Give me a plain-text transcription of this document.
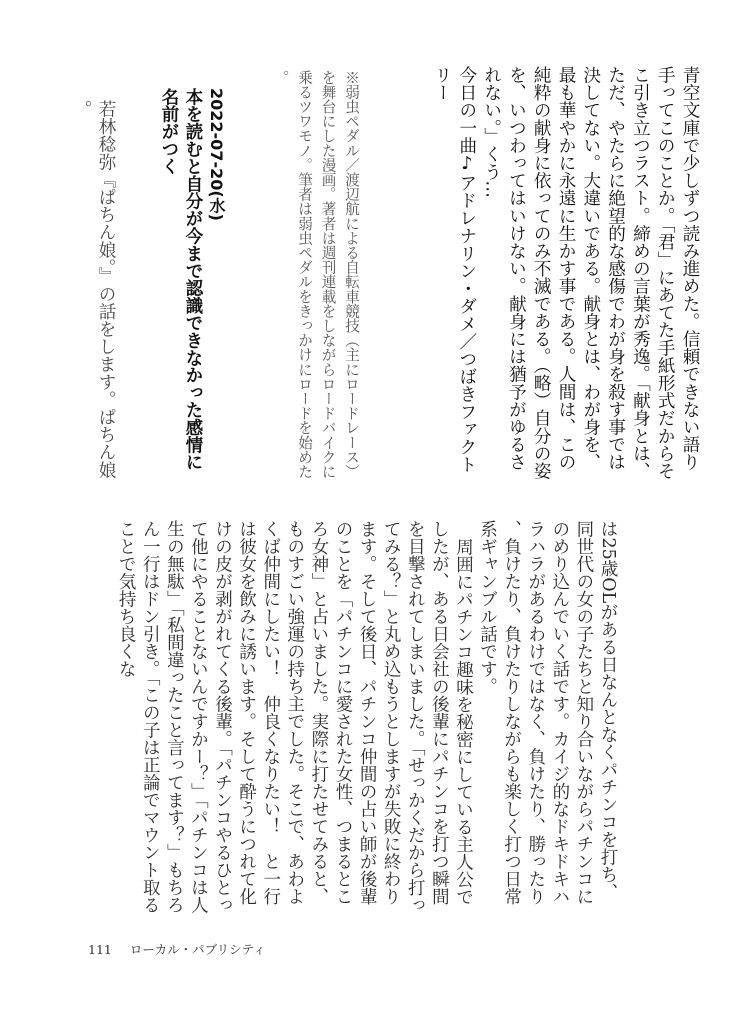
青空文庫で少しずつ読み進めた。信頼できない語り手ってこのことか。「君」にあてた手紙形式だからそこ引き立つラスト。締めの言葉が秀逸。「献身とは、ただ、やたらに絶望的な感傷でわが身を殺す事では決してない。大違いである。献身とは、わが身を、最も華やかに永遠に生かす事である。人間は、この純粋の献身に依ってのみ不滅である。（略）自分の姿を、いつわってはいけない。献身には猶予がゆるされない。」くう…

今日の一曲♪アドレナリン・ダメ／つばきファクトリー

※弱虫ペダル／渡辺航による自転車競技（主にロードレース）を舞台にした漫画。著者は週刊連載をしながらロードバイクに乗るツワモノ。筆者は弱虫ペダルをきっかけにロードを始めた。

2022-07-20(水)

本を読むと自分が今まで認識できなかった感情に名前がつく

若林稔弥『ぱちん娘。』の話をします。ぱちん娘。

は25歳OLがある日なんとなくパチンコを打ち、同世代の女の子たちと知り合いながらパチンコにのめり込んでいく話です。カイジ的なドキドキハラハラがあるわけではなく、負けたり、勝ったり、負けたり、負けたりしながらも楽しく打つ日常系ギャンブル話です。

周囲にパチンコ趣味を秘密にしている主人公でしたが、ある日会社の後輩にパチンコを打つ瞬間を目撃されてしまいました。「せっかくだから打ってみる？」と丸め込もうとしますが失敗に終わります。そして後日、パチンコ仲間の占い師が後輩のことを「パチンコに愛された女性、つまるところ女神」と占いました。実際に打たせてみると、ものすごい強運の持ち主でした。そこで、あわよくば仲間にしたい！　仲良くなりたい！　と一行は彼女を飲みに誘います。そして酔うにつれて化けの皮が剥がれてくる後輩。「パチンコやるひとって他にやることないんですかー？」「パチンコは人生の無駄」「私間違ったこと言ってます？」もちろん一行はドン引き。「この子は正論でマウント取ることで気持ち良くな

111 ローカル・パブリシティ
